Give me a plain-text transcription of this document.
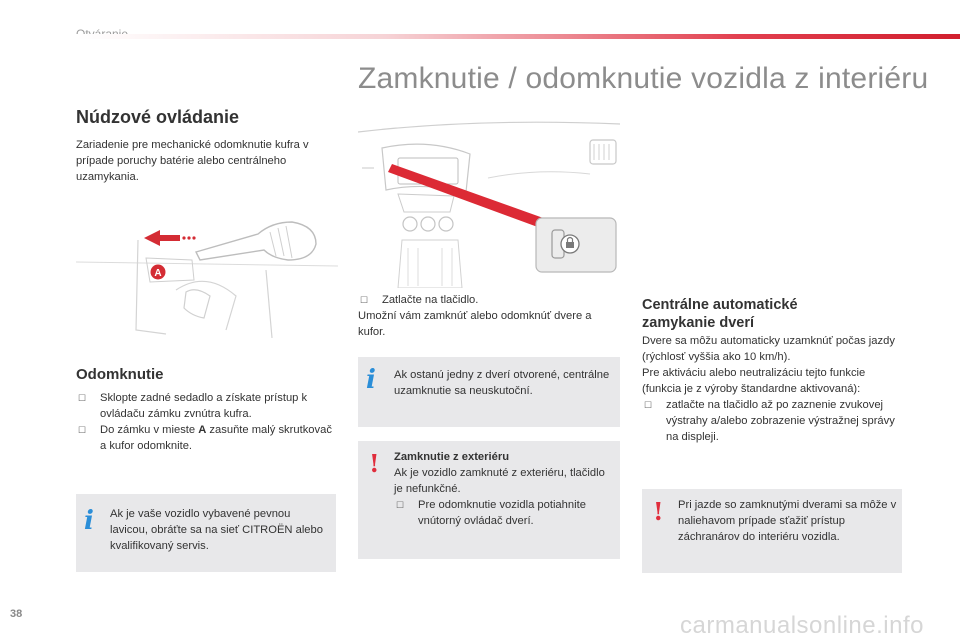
Zamknutie / odomknutie vozidla z interiéru
Núdzové ovládanie
Zariadenie pre mechanické odomknutie kufra v prípade poruchy batérie alebo centrálneho uzamykania.
A
Odomknutie
☐ Sklopte zadné sedadlo a získate prístup k ovládaču zámku zvnútra kufra.
☐ Do zámku v mieste A zasuňte malý skrutkovač a kufor odomknite.
i Ak je vaše vozidlo vybavené pevnou lavicou, obráťte sa na sieť CITROËN alebo kvalifikovaný servis.
☐ Zatlačte na tlačidlo.
Umožní vám zamknúť alebo odomknúť dvere a kufor.
i Ak ostanú jedny z dverí otvorené, centrálne uzamknutie sa neuskutoční.
! Zamknutie z exteriéru
Ak je vozidlo zamknuté z exteriéru, tlačidlo je nefunkčné.
☐ Pre odomknutie vozidla potiahnite vnútorný ovládač dverí.
Centrálne automatické
zamykanie dverí
Dvere sa môžu automaticky uzamknúť počas jazdy (rýchlosť vyššia ako 10 km/h).
Pre aktiváciu alebo neutralizáciu tejto funkcie (funkcia je z výroby štandardne aktivovaná):
☐ zatlačte na tlačidlo až po zaznenie zvukovej výstrahy a/alebo zobrazenie výstražnej správy na displeji.
! Pri jazde so zamknutými dverami sa môže v naliehavom prípade sťažiť prístup záchranárov do interiéru vozidla.
38	carmanualsonline.info
